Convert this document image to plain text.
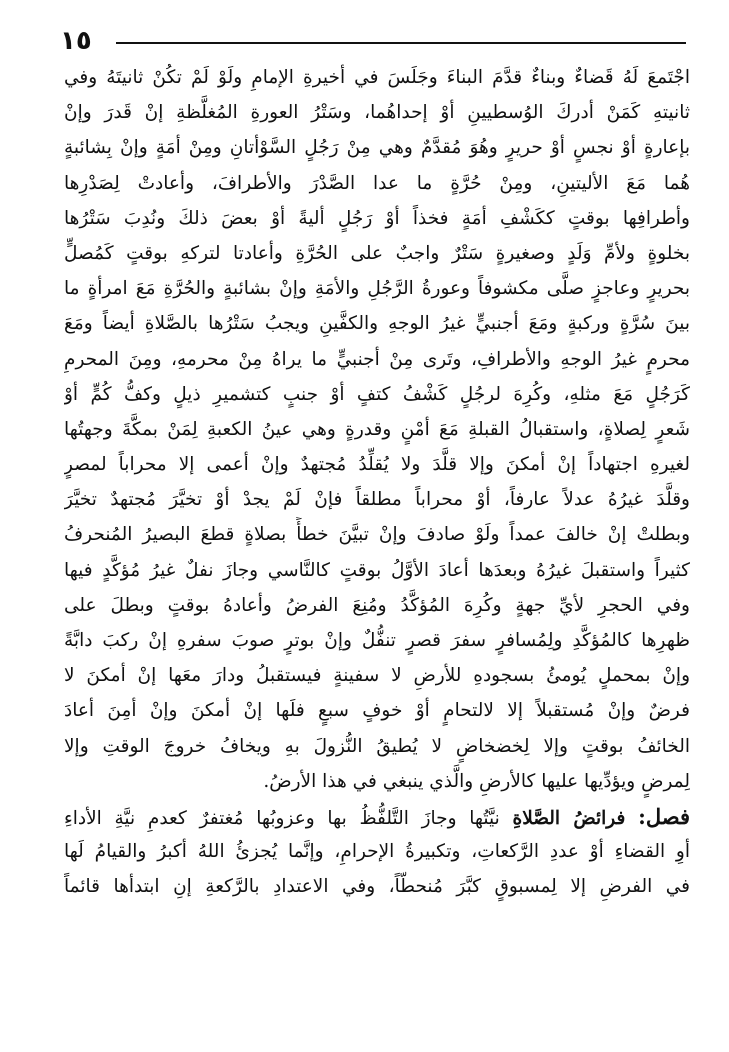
١٥
اجْتَمعَ لَهُ قَضاءٌ وبناءٌ قدَّمَ البناءَ وجَلَسَ في أخيرةِ الإمامِ ولَوْ لَمْ تكُنْ ثانيتَهُ وفي
ثانيتهِ كَمَنْ أدركَ الوُسطيينِ أوْ إحداهُما، وسَتْرُ العورةِ المُغلَّظةِ إنْ قَدرَ وإنْ
بإعارةٍ أوْ نجسٍ أوْ حريرٍ وهُوَ مُقدَّمٌ وهي مِنْ رَجُلٍ السَّوْأتانِ ومِنْ أمَةٍ وإنْ بِشائبةٍ
هُما مَعَ الأليتينِ، ومِنْ حُرَّةٍ ما عدا الصَّدْرَ والأطرافَ، وأعادتْ لِصَدْرِها
وأطرافِها بوقتٍ ككَشْفِ أمَةٍ فخذاً أوْ رَجُلٍ أليةً أوْ بعضَ ذلكَ ونُدِبَ سَتْرُها
بخلوةٍ ولأمِّ وَلَدٍ وصغيرةٍ سَتْرٌ واجبٌ على الحُرَّةِ وأعادتا لتركهِ بوقتٍ كَمُصلٍّ
بحريرٍ وعاجزٍ صلَّى مكشوفاً وعورةُ الرَّجُلِ والأمَةِ وإنْ بشائبةٍ والحُرَّةِ مَعَ امرأةٍ ما
بينَ سُرَّةٍ وركبةٍ ومَعَ أجنبيٍّ غيرُ الوجهِ والكفَّينِ ويجبُ سَتْرُها بالصَّلاةِ أيضاً ومَعَ
محرمٍ غيرُ الوجهِ والأطرافِ، وتَرى مِنْ أجنبيٍّ ما يراهُ مِنْ محرمهِ، ومِنَ المحرمِ
كَرَجُلٍ مَعَ مثلهِ، وكُرِهَ لرجُلٍ كَشْفُ كتفٍ أوْ جنبٍ كتشميرِ ذيلٍ وكفُّ كُمٍّ أوْ
شَعرٍ لِصلاةٍ، واستقبالُ القبلةِ مَعَ أمْنٍ وقدرةٍ وهي عينُ الكعبةِ لِمَنْ بمكَّةَ وجهتُها
لغيرهِ اجتهاداً إنْ أمكنَ وإلا قلَّدَ ولا يُقلِّدُ مُجتهدٌ وإنْ أعمى إلا محراباً لمصرٍ
وقلَّدَ غيرُهُ عدلاً عارفاً، أوْ محراباً مطلقاً فإنْ لَمْ يجدْ أوْ تخيَّرَ مُجتهدٌ تخيَّرَ
وبطلتْ إنْ خالفَ عمداً ولَوْ صادفَ وإنْ تبيَّنَ خطأً بصلاةٍ قطعَ البصيرُ المُنحرفُ
كثيراً واستقبلَ غيرُهُ وبعدَها أعادَ الأوَّلُ بوقتٍ كالنَّاسي وجازَ نفلٌ غيرُ مُؤكَّدٍ فيها
وفي الحجرِ لأيِّ جهةٍ وكُرِهَ المُؤكَّدُ ومُنِعَ الفرضُ وأعادهُ بوقتٍ وبطلَ على
ظهرِها كالمُؤكَّدِ ولِمُسافرٍ سفرَ قصرٍ تنفُّلٌ وإنْ بوترٍ صوبَ سفرهِ إنْ ركبَ دابَّةً
وإنْ بمحملٍ يُومئُ بسجودهِ للأرضِ لا سفينةٍ فيستقبلُ ودارَ معَها إنْ أمكنَ لا
فرضٌ وإنْ مُستقبلاً إلا لالتحامٍ أوْ خوفٍ سبعٍ فلَها إنْ أمكنَ وإنْ أمِنَ أعادَ
الخائفُ بوقتٍ وإلا لِخضخاضٍ لا يُطيقُ النُّزولَ بهِ ويخافُ خروجَ الوقتِ وإلا
لِمرضٍ ويؤدِّيها عليها كالأرضِ والَّذي ينبغي في هذا الأرضُ.
فصل: فرائضُ الصَّلاةِ نيَّتُها وجازَ التَّلفُّظُ بها وعزوبُها مُغتفرٌ كعدمِ نيَّةِ الأداءِ
أوِ القضاءِ أوْ عددِ الرَّكعاتِ، وتكبيرةُ الإحرامِ، وإنَّما يُجزئُ اللهُ أكبرُ والقيامُ لَها
في الفرضِ إلا لِمسبوقٍ كبَّرَ مُنحطّاً، وفي الاعتدادِ بالرَّكعةِ إنِ ابتدأها قائماً
